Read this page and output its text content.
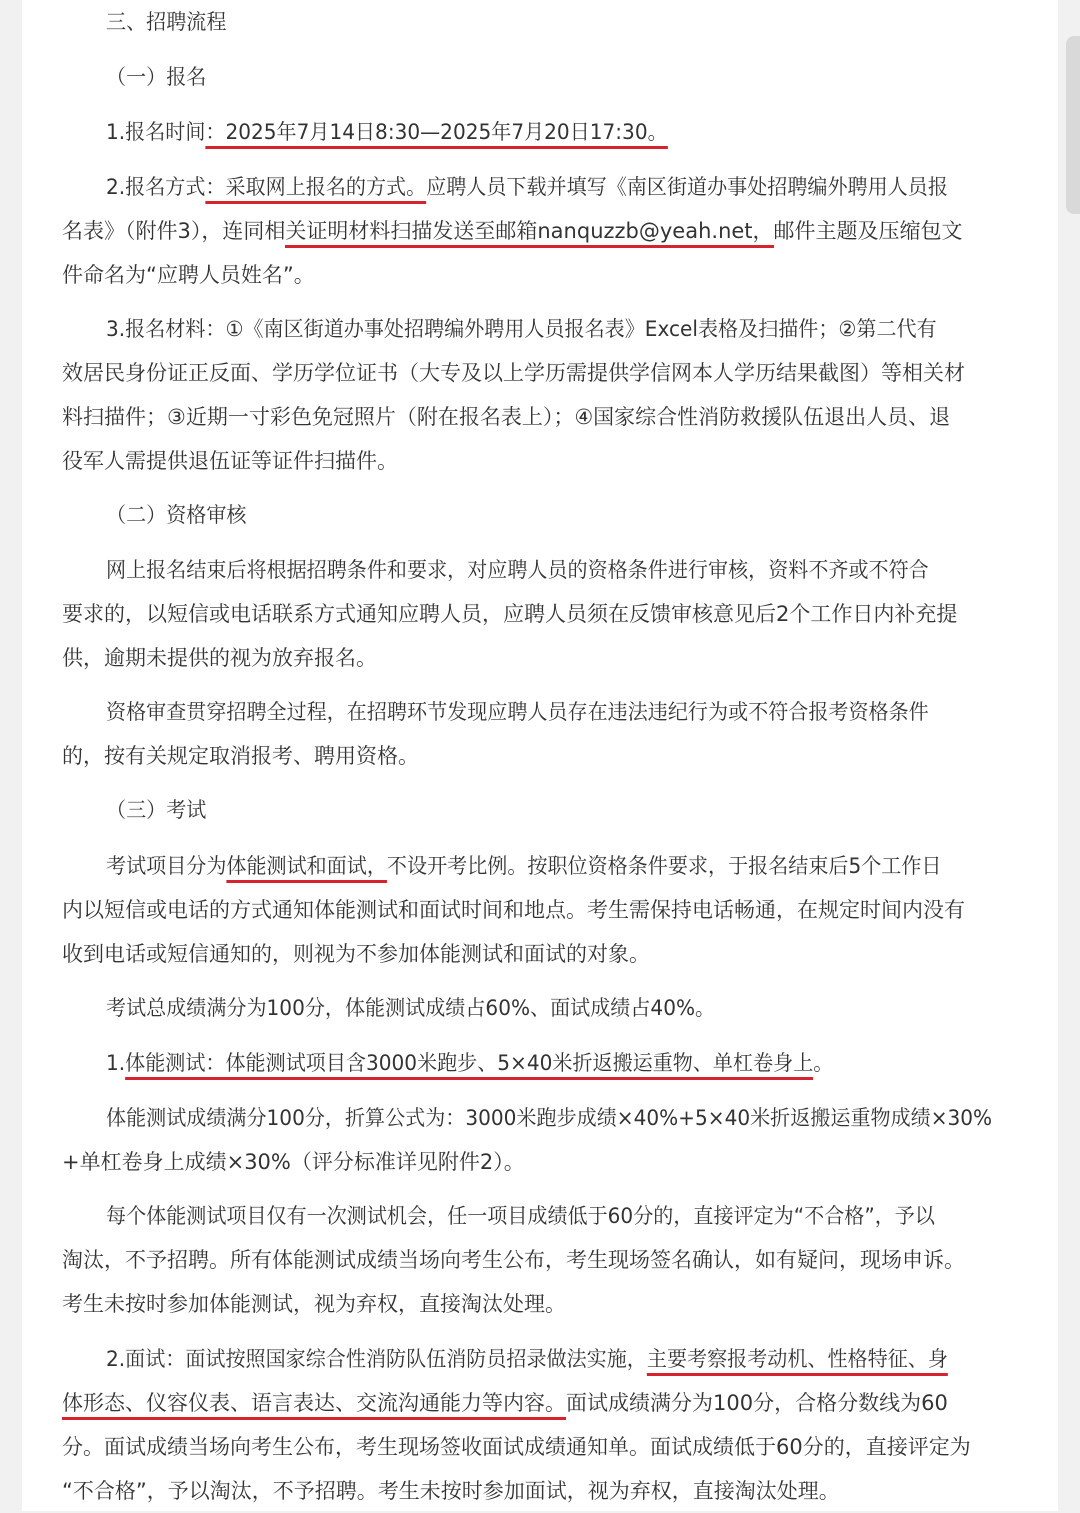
三、招聘流程

（一）报名

1.报名时间：2025年7月14日8:30—2025年7月20日17:30。

2.报名方式：采取网上报名的方式。应聘人员下载并填写《南区街道办事处招聘编外聘用人员报

名表》（附件3），连同相关证明材料扫描发送至邮箱nanquzzb@yeah.net，邮件主题及压缩包文

件命名为“应聘人员姓名”。

3.报名材料：①《南区街道办事处招聘编外聘用人员报名表》Excel表格及扫描件；②第二代有

效居民身份证正反面、学历学位证书（大专及以上学历需提供学信网本人学历结果截图）等相关材

料扫描件；③近期一寸彩色免冠照片（附在报名表上）；④国家综合性消防救援队伍退出人员、退

役军人需提供退伍证等证件扫描件。

（二）资格审核

网上报名结束后将根据招聘条件和要求，对应聘人员的资格条件进行审核，资料不齐或不符合

要求的，以短信或电话联系方式通知应聘人员，应聘人员须在反馈审核意见后2个工作日内补充提

供，逾期未提供的视为放弃报名。

资格审查贯穿招聘全过程，在招聘环节发现应聘人员存在违法违纪行为或不符合报考资格条件

的，按有关规定取消报考、聘用资格。

（三）考试

考试项目分为体能测试和面试，不设开考比例。按职位资格条件要求，于报名结束后5个工作日

内以短信或电话的方式通知体能测试和面试时间和地点。考生需保持电话畅通，在规定时间内没有

收到电话或短信通知的，则视为不参加体能测试和面试的对象。

考试总成绩满分为100分，体能测试成绩占60%、面试成绩占40%。

1.体能测试：体能测试项目含3000米跑步、5×40米折返搬运重物、单杠卷身上。

体能测试成绩满分100分，折算公式为：3000米跑步成绩×40%+5×40米折返搬运重物成绩×30%

+单杠卷身上成绩×30%（评分标准详见附件2）。

每个体能测试项目仅有一次测试机会，任一项目成绩低于60分的，直接评定为“不合格”，予以

淘汰，不予招聘。所有体能测试成绩当场向考生公布，考生现场签名确认，如有疑问，现场申诉。

考生未按时参加体能测试，视为弃权，直接淘汰处理。

2.面试：面试按照国家综合性消防队伍消防员招录做法实施，主要考察报考动机、性格特征、身

体形态、仪容仪表、语言表达、交流沟通能力等内容。面试成绩满分为100分，合格分数线为60

分。面试成绩当场向考生公布，考生现场签收面试成绩通知单。面试成绩低于60分的，直接评定为

“不合格”，予以淘汰，不予招聘。考生未按时参加面试，视为弃权，直接淘汰处理。
